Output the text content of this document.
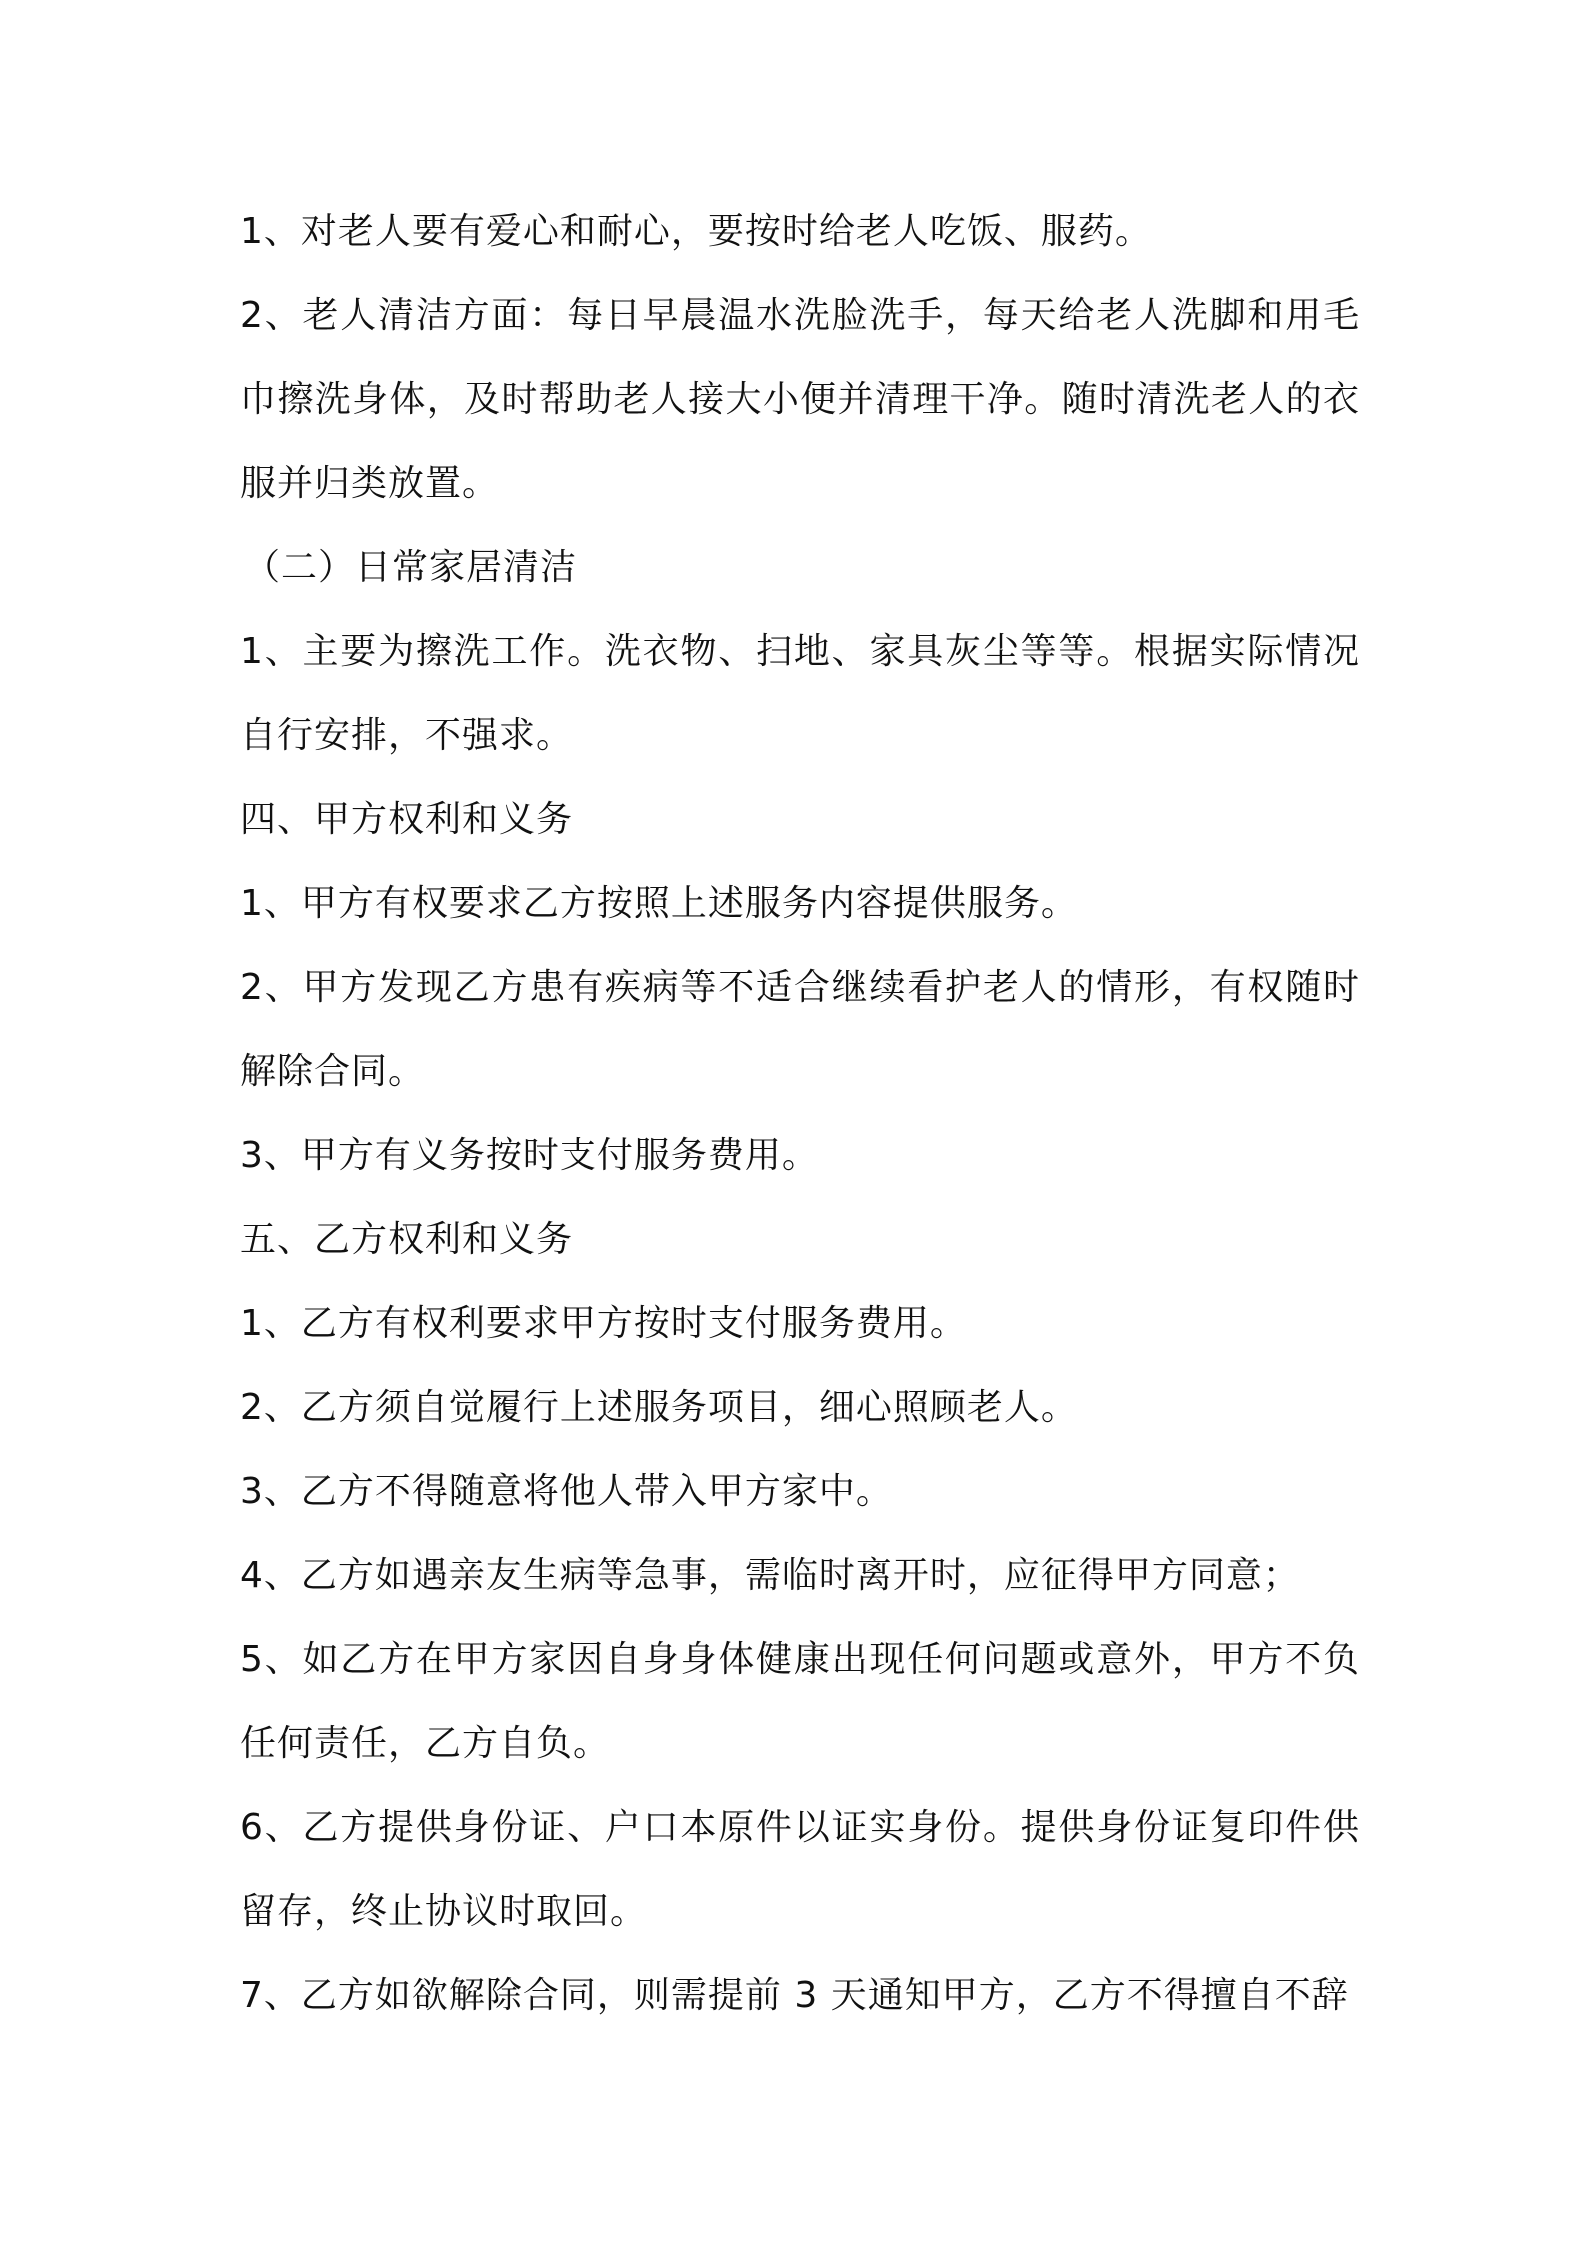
1、对老人要有爱心和耐心，要按时给老人吃饭、服药。

2、老人清洁方面：每日早晨温水洗脸洗手，每天给老人洗脚和用毛巾擦洗身体，及时帮助老人接大小便并清理干净。随时清洗老人的衣服并归类放置。

（二）日常家居清洁

1、主要为擦洗工作。洗衣物、扫地、家具灰尘等等。根据实际情况自行安排，不强求。

四、甲方权利和义务

1、甲方有权要求乙方按照上述服务内容提供服务。

2、甲方发现乙方患有疾病等不适合继续看护老人的情形，有权随时解除合同。

3、甲方有义务按时支付服务费用。

五、乙方权利和义务

1、乙方有权利要求甲方按时支付服务费用。

2、乙方须自觉履行上述服务项目，细心照顾老人。

3、乙方不得随意将他人带入甲方家中。

4、乙方如遇亲友生病等急事，需临时离开时，应征得甲方同意；

5、如乙方在甲方家因自身身体健康出现任何问题或意外，甲方不负任何责任，乙方自负。

6、乙方提供身份证、户口本原件以证实身份。提供身份证复印件供留存，终止协议时取回。

7、乙方如欲解除合同，则需提前 3 天通知甲方，乙方不得擅自不辞
